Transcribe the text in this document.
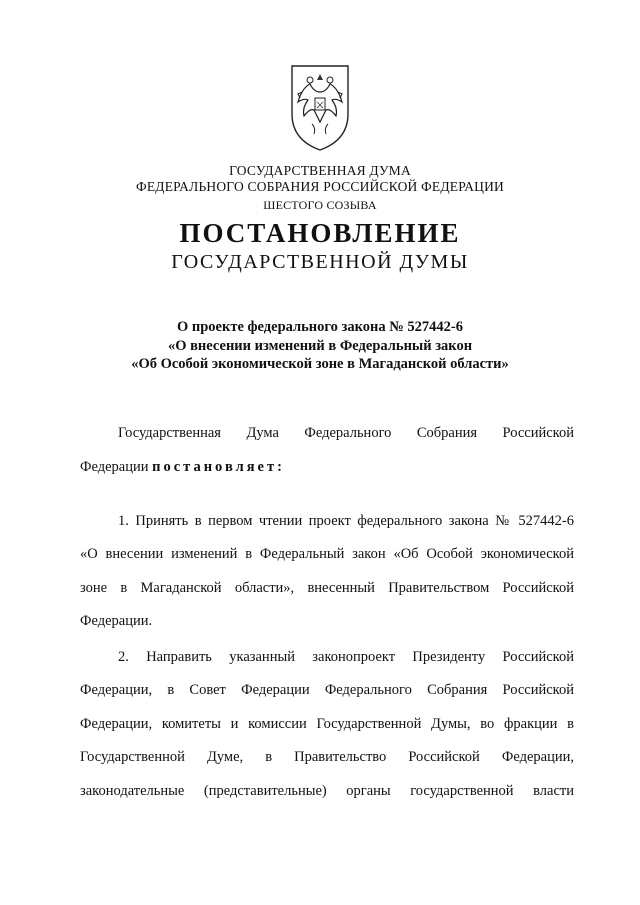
ГОСУДАРСТВЕННАЯ ДУМА
ФЕДЕРАЛЬНОГО СОБРАНИЯ РОССИЙСКОЙ ФЕДЕРАЦИИ
ШЕСТОГО СОЗЫВА
ПОСТАНОВЛЕНИЕ
ГОСУДАРСТВЕННОЙ ДУМЫ
О проекте федерального закона № 527442-6
«О внесении изменений в Федеральный закон
«Об Особой экономической зоне в Магаданской области»
Государственная Дума Федерального Собрания Российской
Федерации постановляет:
1. Принять в первом чтении проект федерального закона № 527442-6
«О внесении изменений в Федеральный закон «Об Особой экономической
зоне в Магаданской области», внесенный Правительством Российской
Федерации.
2. Направить указанный законопроект Президенту Российской
Федерации, в Совет Федерации Федерального Собрания Российской
Федерации, комитеты и комиссии Государственной Думы, во фракции в
Государственной Думе, в Правительство Российской Федерации,
законодательные (представительные) органы государственной власти
